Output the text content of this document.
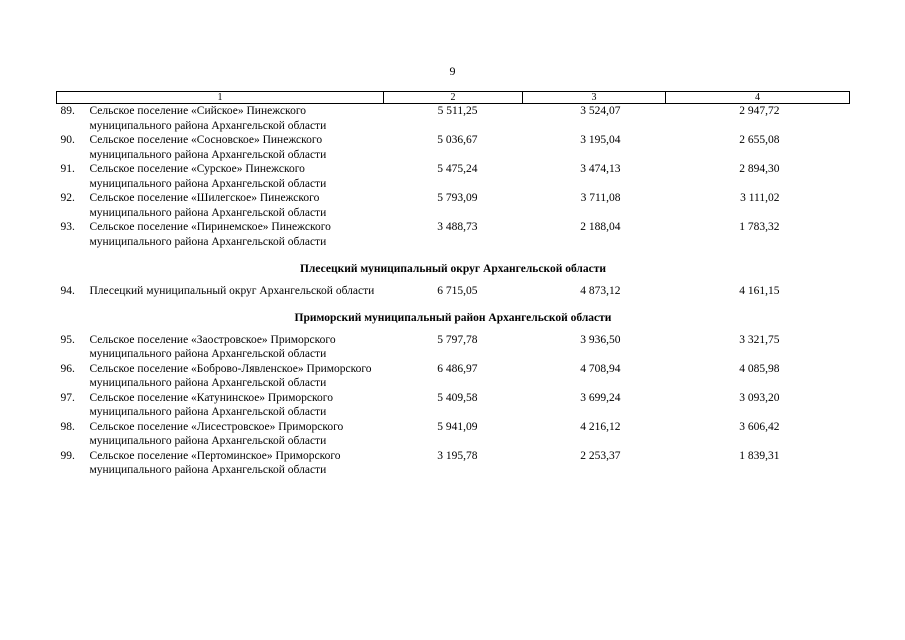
9
1	2	3	4

89. Сельское поселение «Сийское» Пинежского муниципального района Архангельской области	5 511,25	3 524,07	2 947,72

90. Сельское поселение «Сосновское» Пинежского муниципального района Архангельской области	5 036,67	3 195,04	2 655,08

91. Сельское поселение «Сурское» Пинежского муниципального района Архангельской области	5 475,24	3 474,13	2 894,30

92. Сельское поселение «Шилегское» Пинежского муниципального района Архангельской области	5 793,09	3 711,08	3 111,02

93. Сельское поселение «Пиринемское» Пинежского муниципального района Архангельской области	3 488,73	2 188,04	1 783,32
Плесецкий муниципальный округ Архангельской области			

94. Плесецкий муниципальный округ Архангельской области	6 715,05	4 873,12	4 161,15
Приморский муниципальный район Архангельской области			

95. Сельское поселение «Заостровское» Приморского муниципального района Архангельской области	5 797,78	3 936,50	3 321,75

96. Сельское поселение «Боброво-Лявленское» Приморского муниципального района Архангельской области	6 486,97	4 708,94	4 085,98

97. Сельское поселение «Катунинское» Приморского муниципального района Архангельской области	5 409,58	3 699,24	3 093,20

98. Сельское поселение «Лисестровское» Приморского муниципального района Архангельской области	5 941,09	4 216,12	3 606,42

99. Сельское поселение «Пертоминское» Приморского муниципального района Архангельской области	3 195,78	2 253,37	1 839,31
